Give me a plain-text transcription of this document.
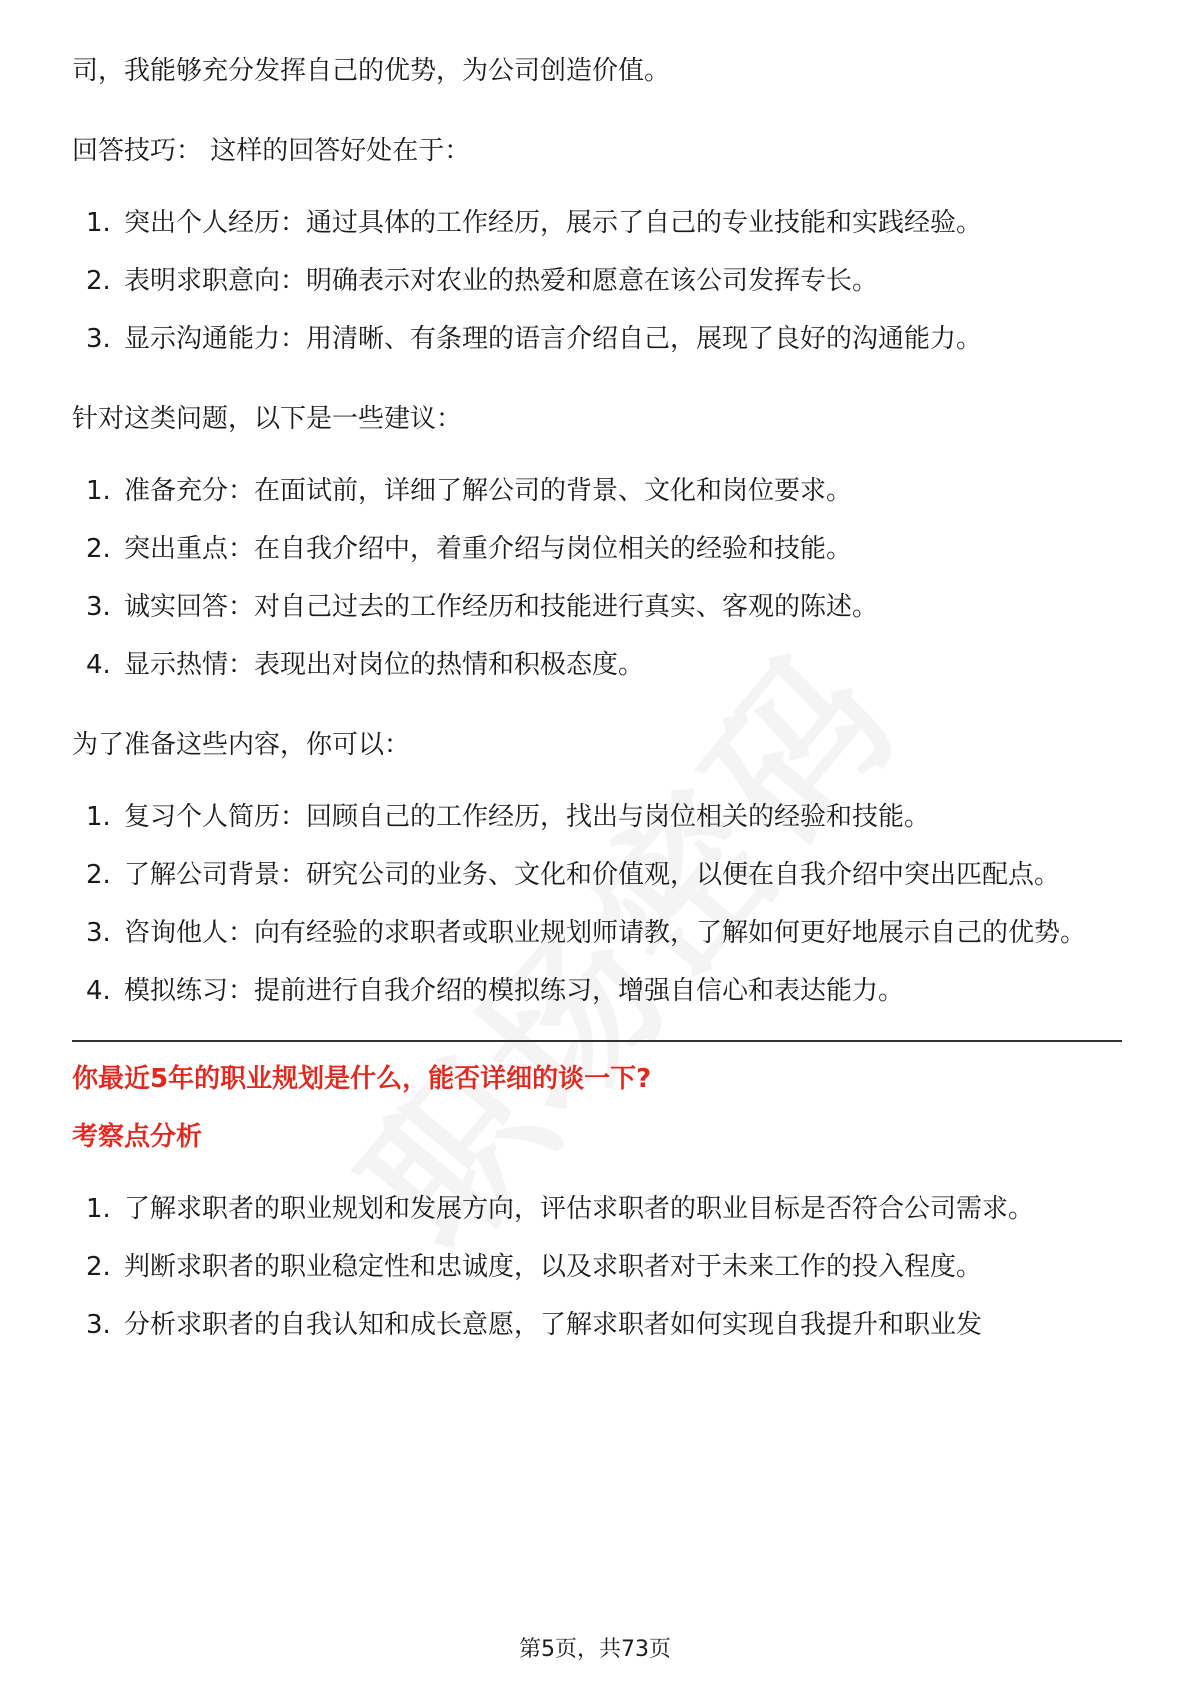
司，我能够充分发挥自己的优势，为公司创造价值。

回答技巧： 这样的回答好处在于：

1. 突出个人经历：通过具体的工作经历，展示了自己的专业技能和实践经验。
2. 表明求职意向：明确表示对农业的热爱和愿意在该公司发挥专长。
3. 显示沟通能力：用清晰、有条理的语言介绍自己，展现了良好的沟通能力。

针对这类问题，以下是一些建议：

1. 准备充分：在面试前，详细了解公司的背景、文化和岗位要求。
2. 突出重点：在自我介绍中，着重介绍与岗位相关的经验和技能。
3. 诚实回答：对自己过去的工作经历和技能进行真实、客观的陈述。
4. 显示热情：表现出对岗位的热情和积极态度。

为了准备这些内容，你可以：

1. 复习个人简历：回顾自己的工作经历，找出与岗位相关的经验和技能。
2. 了解公司背景：研究公司的业务、文化和价值观，以便在自我介绍中突出匹配点。
3. 咨询他人：向有经验的求职者或职业规划师请教，了解如何更好地展示自己的优势。
4. 模拟练习：提前进行自我介绍的模拟练习，增强自信心和表达能力。

你最近5年的职业规划是什么，能否详细的谈一下?

考察点分析

1. 了解求职者的职业规划和发展方向，评估求职者的职业目标是否符合公司需求。
2. 判断求职者的职业稳定性和忠诚度，以及求职者对于未来工作的投入程度。
3. 分析求职者的自我认知和成长意愿，了解求职者如何实现自我提升和职业发
第5页，共73页
